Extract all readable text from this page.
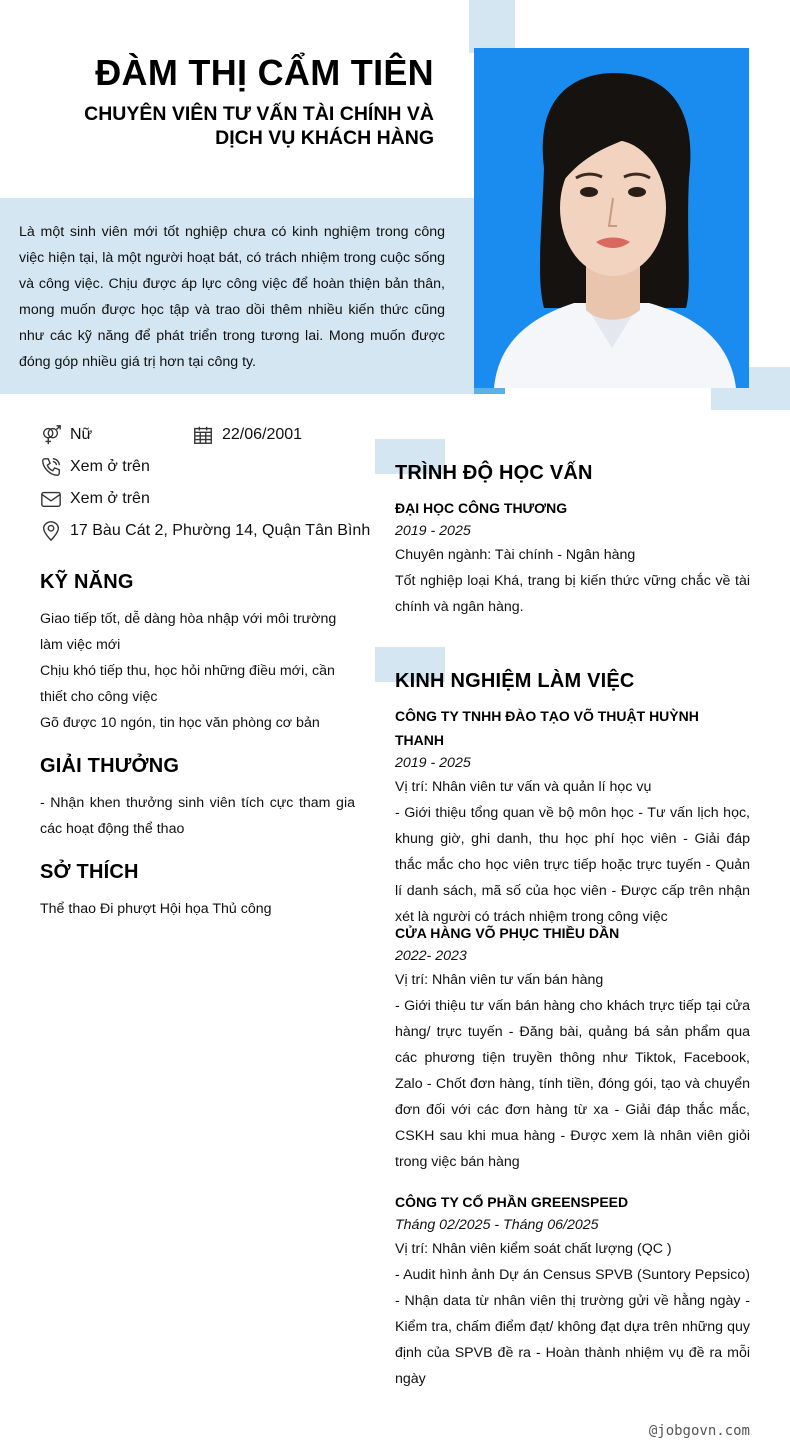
ĐÀM THỊ CẨM TIÊN
CHUYÊN VIÊN TƯ VẤN TÀI CHÍNH VÀ DỊCH VỤ KHÁCH HÀNG
Là một sinh viên mới tốt nghiệp chưa có kinh nghiệm trong công việc hiện tại, là một người hoạt bát, có trách nhiệm trong cuộc sống và công việc. Chịu được áp lực công việc để hoàn thiện bản thân, mong muốn được học tập và trao dồi thêm nhiều kiến thức cũng như các kỹ năng để phát triển trong tương lai. Mong muốn được đóng góp nhiều giá trị hơn tại công ty.
Nữ	22/06/2001
Xem ở trên
Xem ở trên
17 Bàu Cát 2, Phường 14, Quận Tân Bình
KỸ NĂNG
Giao tiếp tốt, dễ dàng hòa nhập với môi trường làm việc mới
Chịu khó tiếp thu, học hỏi những điều mới, cần thiết cho công việc
Gõ được 10 ngón, tin học văn phòng cơ bản
GIẢI THƯỞNG
- Nhận khen thưởng sinh viên tích cực tham gia các hoạt động thể thao
SỞ THÍCH
Thể thao Đi phượt Hội họa Thủ công
TRÌNH ĐỘ HỌC VẤN
ĐẠI HỌC CÔNG THƯƠNG
2019 - 2025
Chuyên ngành: Tài chính - Ngân hàng
Tốt nghiệp loại Khá, trang bị kiến thức vững chắc về tài chính và ngân hàng.
KINH NGHIỆM LÀM VIỆC
CÔNG TY TNHH ĐÀO TẠO VÕ THUẬT HUỲNH THANH
2019 - 2025
Vị trí: Nhân viên tư vấn và quản lí học vụ
- Giới thiệu tổng quan về bộ môn học - Tư vấn lịch học, khung giờ, ghi danh, thu học phí học viên - Giải đáp thắc mắc cho học viên trực tiếp hoặc trực tuyến - Quản lí danh sách, mã số của học viên - Được cấp trên nhận xét là người có trách nhiệm trong công việc
CỬA HÀNG VÕ PHỤC THIỀU DẦN
2022- 2023
Vị trí: Nhân viên tư vấn bán hàng
- Giới thiệu tư vấn bán hàng cho khách trực tiếp tại cửa hàng/ trực tuyến - Đăng bài, quảng bá sản phẩm qua các phương tiện truyền thông như Tiktok, Facebook, Zalo - Chốt đơn hàng, tính tiền, đóng gói, tạo và chuyển đơn đối với các đơn hàng từ xa - Giải đáp thắc mắc, CSKH sau khi mua hàng - Được xem là nhân viên giỏi trong việc bán hàng
CÔNG TY CỔ PHẦN GREENSPEED
Tháng 02/2025 - Tháng 06/2025
Vị trí: Nhân viên kiểm soát chất lượng (QC )
- Audit hình ảnh Dự án Census SPVB (Suntory Pepsico) - Nhận data từ nhân viên thị trường gửi về hằng ngày - Kiểm tra, chấm điểm đạt/ không đạt dựa trên những quy định của SPVB đề ra - Hoàn thành nhiệm vụ đề ra mỗi ngày
@jobgovn.com
